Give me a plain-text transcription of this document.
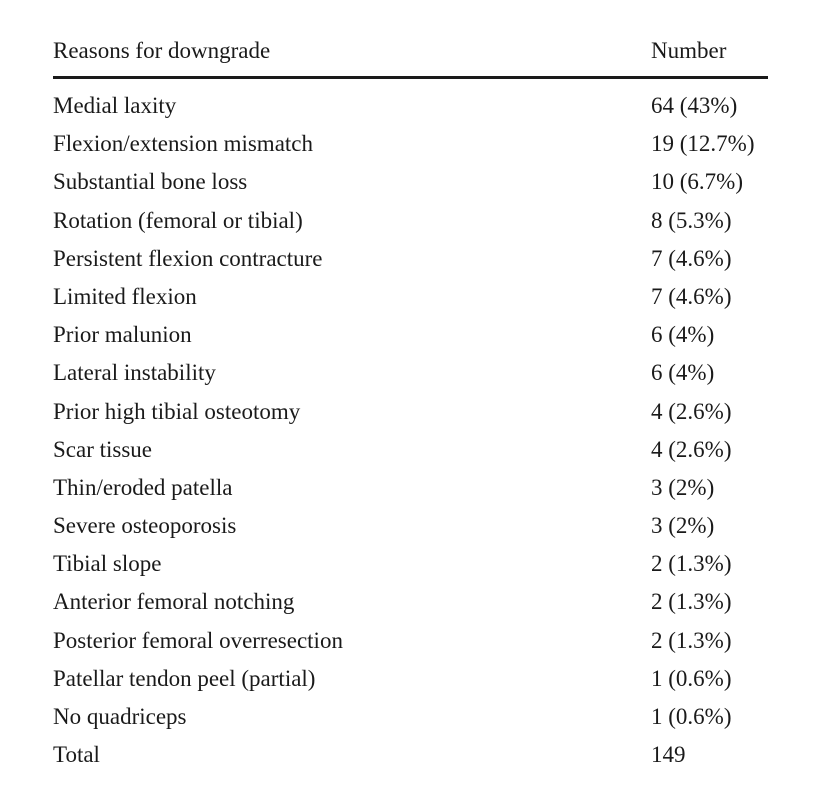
Reasons for downgrade	Number
Medial laxity	64 (43%)
Flexion/extension mismatch	19 (12.7%)
Substantial bone loss	10 (6.7%)
Rotation (femoral or tibial)	8 (5.3%)
Persistent flexion contracture	7 (4.6%)
Limited flexion	7 (4.6%)
Prior malunion	6 (4%)
Lateral instability	6 (4%)
Prior high tibial osteotomy	4 (2.6%)
Scar tissue	4 (2.6%)
Thin/eroded patella	3 (2%)
Severe osteoporosis	3 (2%)
Tibial slope	2 (1.3%)
Anterior femoral notching	2 (1.3%)
Posterior femoral overresection	2 (1.3%)
Patellar tendon peel (partial)	1 (0.6%)
No quadriceps	1 (0.6%)
Total	149
